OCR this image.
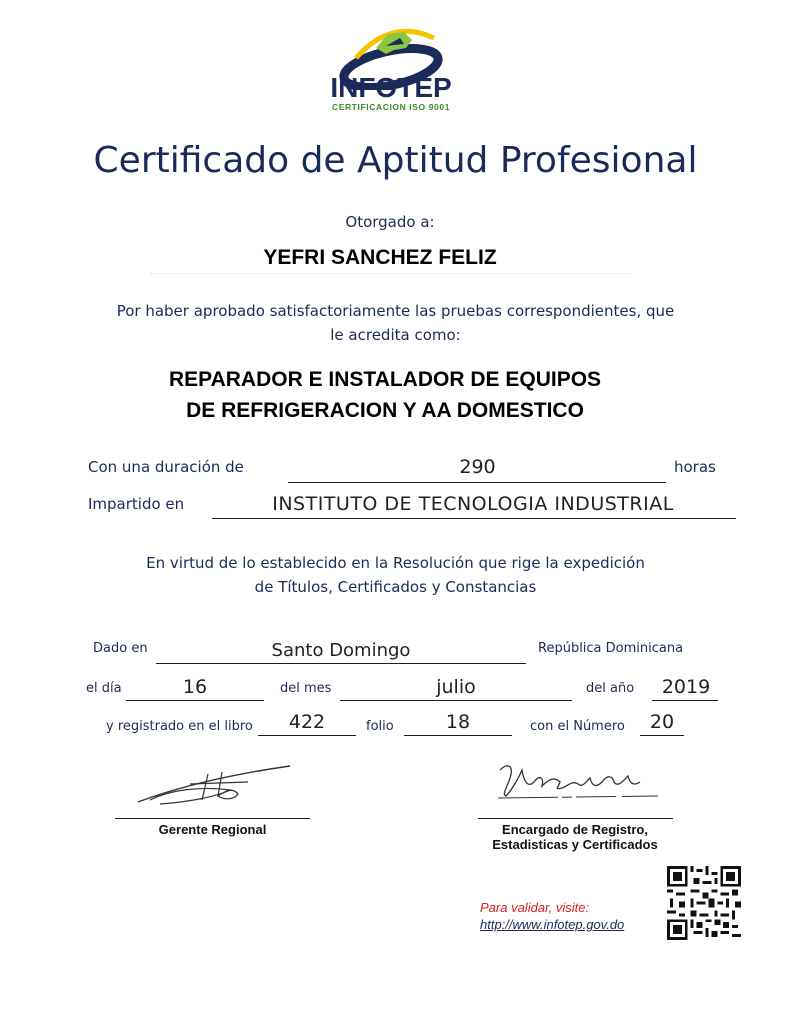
INFOTEP
CERTIFICACION ISO 9001
Certificado de Aptitud Profesional
Otorgado a:
YEFRI SANCHEZ FELIZ
Por haber aprobado satisfactoriamente las pruebas correspondientes, que
le acredita como:
REPARADOR E INSTALADOR DE EQUIPOS
DE REFRIGERACION Y AA DOMESTICO
Con una duración de	290	horas
Impartido en	INSTITUTO DE TECNOLOGIA INDUSTRIAL
En virtud de lo establecido en la Resolución que rige la expedición
de Títulos, Certificados y Constancias
Dado en	Santo Domingo	República Dominicana
el día	16	del mes	julio	del año	2019
y registrado en el libro	422	folio	18	con el Número	20
Gerente Regional	Encargado de Registro,
Estadisticas y Certificados
Para validar, visite:
http://www.infotep.gov.do
